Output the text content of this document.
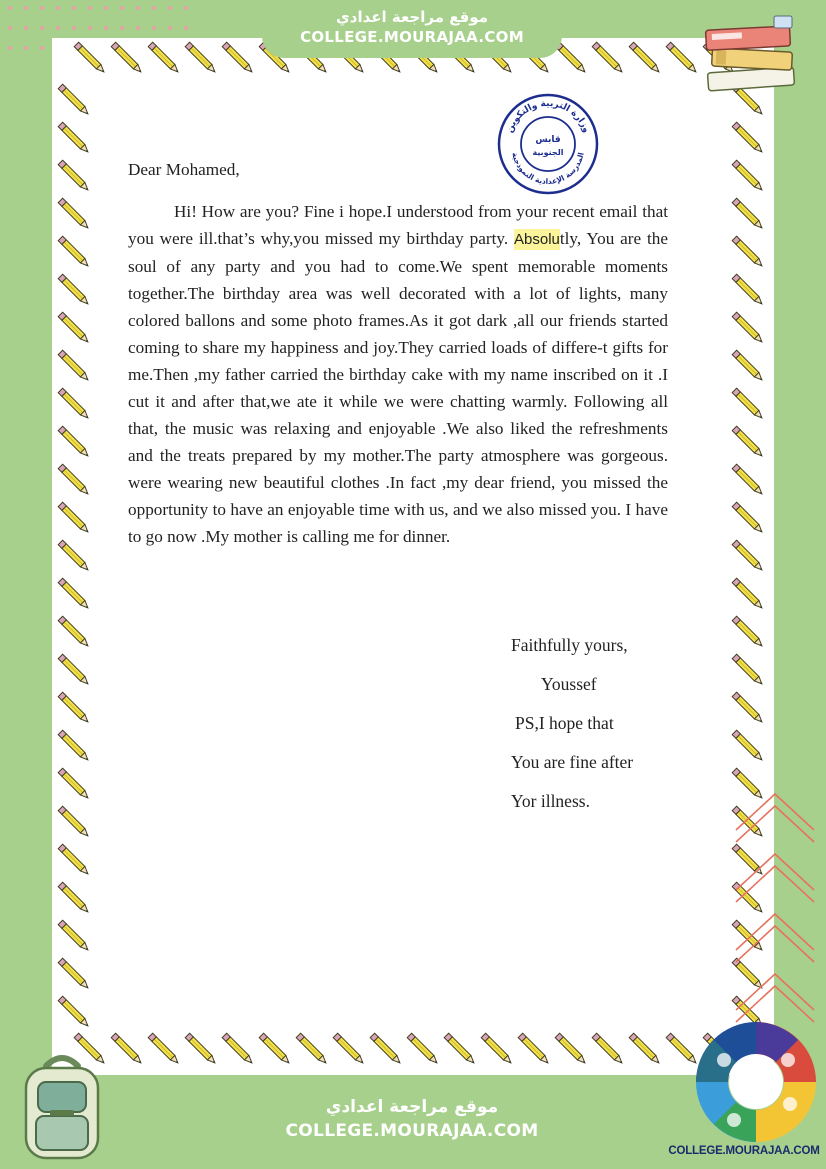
وزارة التربية والتكوين
المدرسة الإعدادية النموذجية
قابس
الجنوبية

Dear Mohamed,

Hi! How are you? Fine i hope.I understood from your recent email that you were ill.that’s why,you missed my birthday party. Absolutly, You are the soul of any party and you had to come.We spent memorable moments together.The birthday area was well decorated with a lot of lights, many colored ballons and some photo frames.As it got dark ,all our friends started coming to share my happiness and joy.They carried loads of differe-t gifts for me.Then ,my father carried the birthday cake with my name inscribed on it .I cut it and after that,we ate it while we were chatting warmly. Following all that, the music was relaxing and enjoyable .We also liked the refreshments and the treats prepared by my mother.The party atmosphere was gorgeous. were wearing new beautiful clothes .In fact ,my dear friend, you missed the opportunity to have an enjoyable time with us, and we also missed you. I have to go now .My mother is calling me for dinner.

Faithfully yours,
Youssef
PS,I hope that
You are fine after
Yor illness.
موقع مراجعة اعدادي
COLLEGE.MOURAJAA.COM
موقع مراجعة اعدادي
COLLEGE.MOURAJAA.COM
COLLEGE.MOURAJAA.COM
